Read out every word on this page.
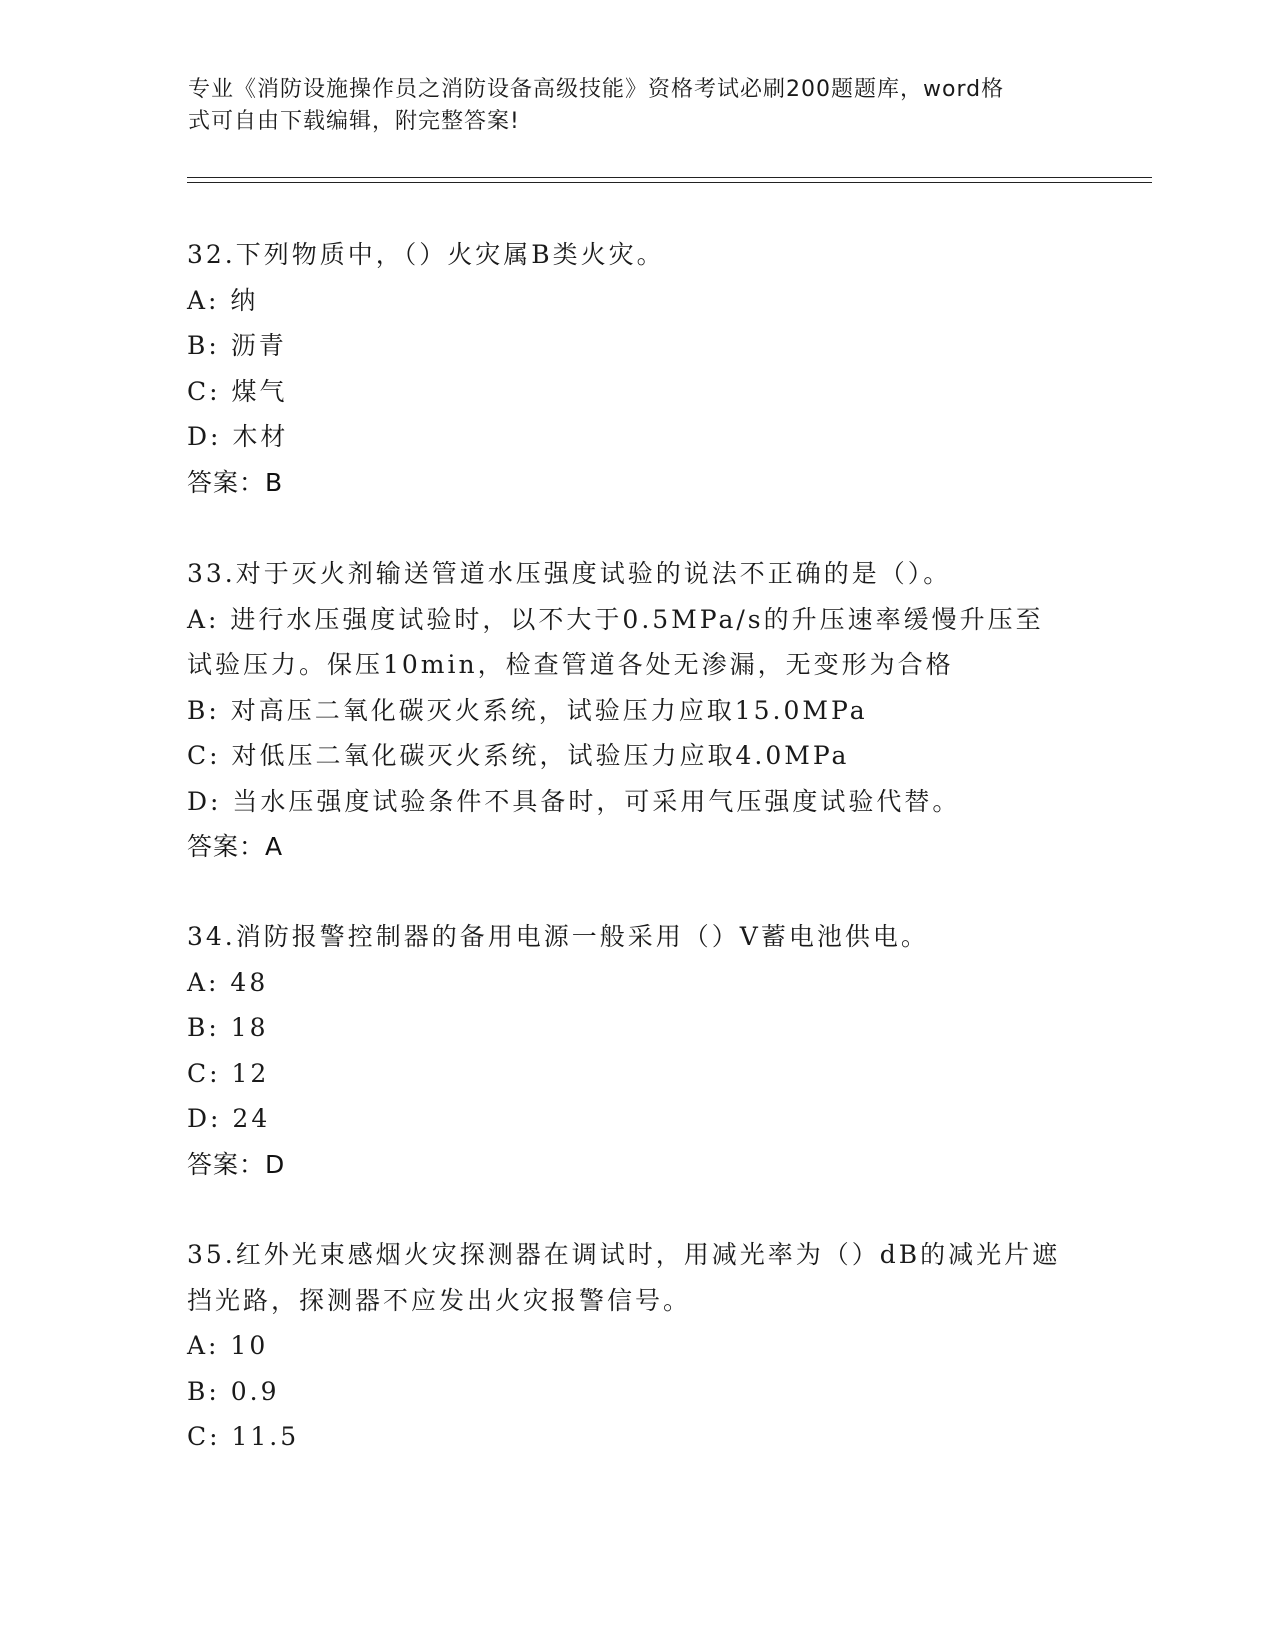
专业《消防设施操作员之消防设备高级技能》资格考试必刷200题题库，word格
式可自由下载编辑，附完整答案!
32.下列物质中，（）火灾属B类火灾。
A: 纳
B: 沥青
C: 煤气
D: 木材
答案：B
33.对于灭火剂输送管道水压强度试验的说法不正确的是（）。
A: 进行水压强度试验时，以不大于0.5MPa/s的升压速率缓慢升压至
试验压力。保压10min，检查管道各处无渗漏，无变形为合格
B: 对高压二氧化碳灭火系统，试验压力应取15.0MPa
C: 对低压二氧化碳灭火系统，试验压力应取4.0MPa
D: 当水压强度试验条件不具备时，可采用气压强度试验代替。
答案：A
34.消防报警控制器的备用电源一般采用（）V蓄电池供电。
A: 48
B: 18
C: 12
D: 24
答案：D
35.红外光束感烟火灾探测器在调试时，用减光率为（）dB的减光片遮
挡光路，探测器不应发出火灾报警信号。
A: 10
B: 0.9
C: 11.5
